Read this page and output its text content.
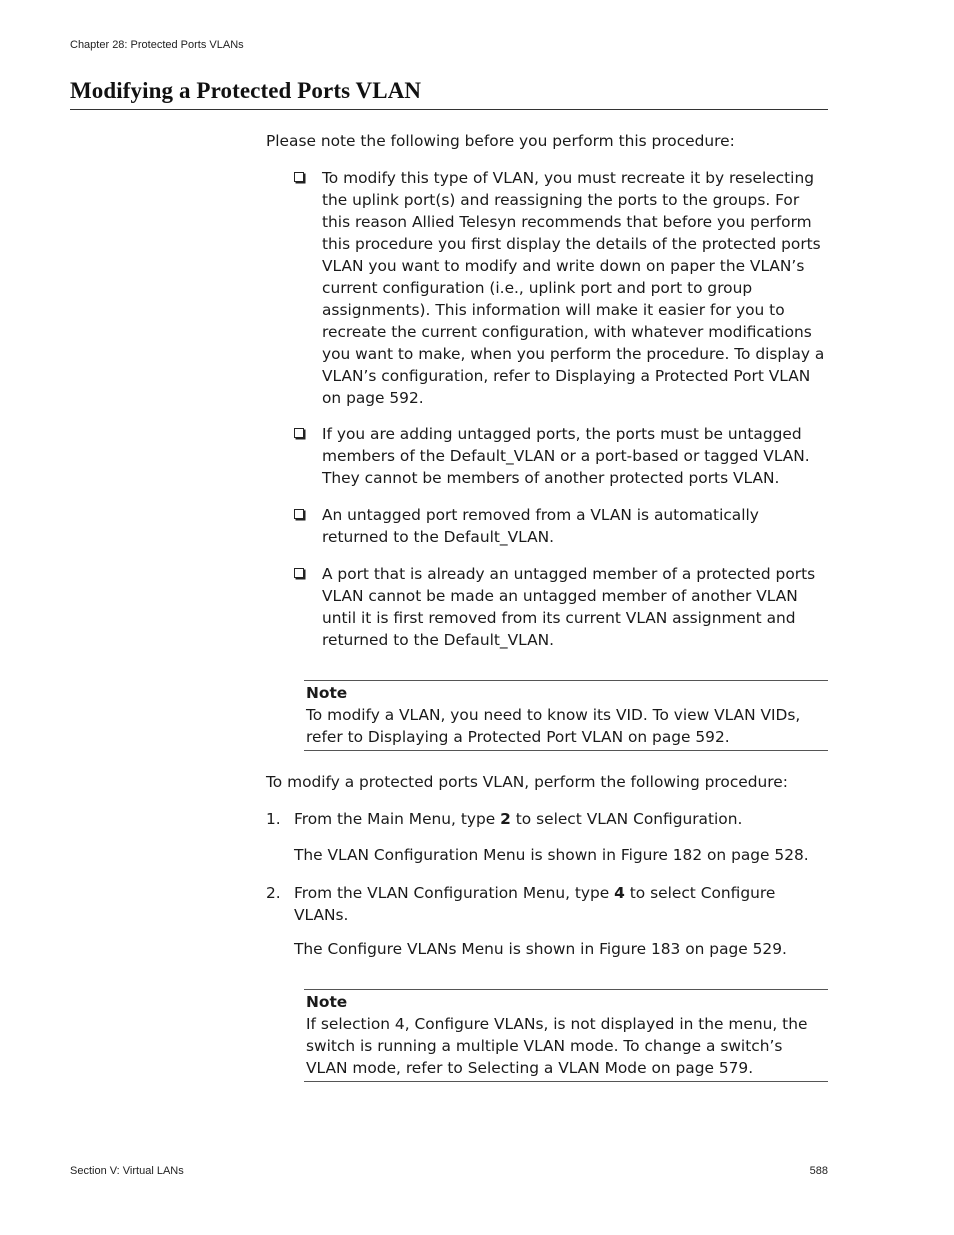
Chapter 28: Protected Ports VLANs
Modifying a Protected Ports VLAN

Please note the following before you perform this procedure:

To modify this type of VLAN, you must recreate it by reselecting the uplink port(s) and reassigning the ports to the groups. For this reason Allied Telesyn recommends that before you perform this procedure you first display the details of the protected ports VLAN you want to modify and write down on paper the VLAN’s current configuration (i.e., uplink port and port to group assignments). This information will make it easier for you to recreate the current configuration, with whatever modifications you want to make, when you perform the procedure. To display a VLAN’s configuration, refer to Displaying a Protected Port VLAN on page 592.
If you are adding untagged ports, the ports must be untagged members of the Default_VLAN or a port-based or tagged VLAN. They cannot be members of another protected ports VLAN.
An untagged port removed from a VLAN is automatically returned to the Default_VLAN.
A port that is already an untagged member of a protected ports VLAN cannot be made an untagged member of another VLAN until it is first removed from its current VLAN assignment and returned to the Default_VLAN.
Note
To modify a VLAN, you need to know its VID. To view VLAN VIDs, refer to Displaying a Protected Port VLAN on page 592.

To modify a protected ports VLAN, perform the following procedure:

1. From the Main Menu, type 2 to select VLAN Configuration.
The VLAN Configuration Menu is shown in Figure 182 on page 528.
2. From the VLAN Configuration Menu, type 4 to select Configure VLANs.
The Configure VLANs Menu is shown in Figure 183 on page 529.
Note
If selection 4, Configure VLANs, is not displayed in the menu, the switch is running a multiple VLAN mode. To change a switch’s VLAN mode, refer to Selecting a VLAN Mode on page 579.
Section V: Virtual LANs	588
